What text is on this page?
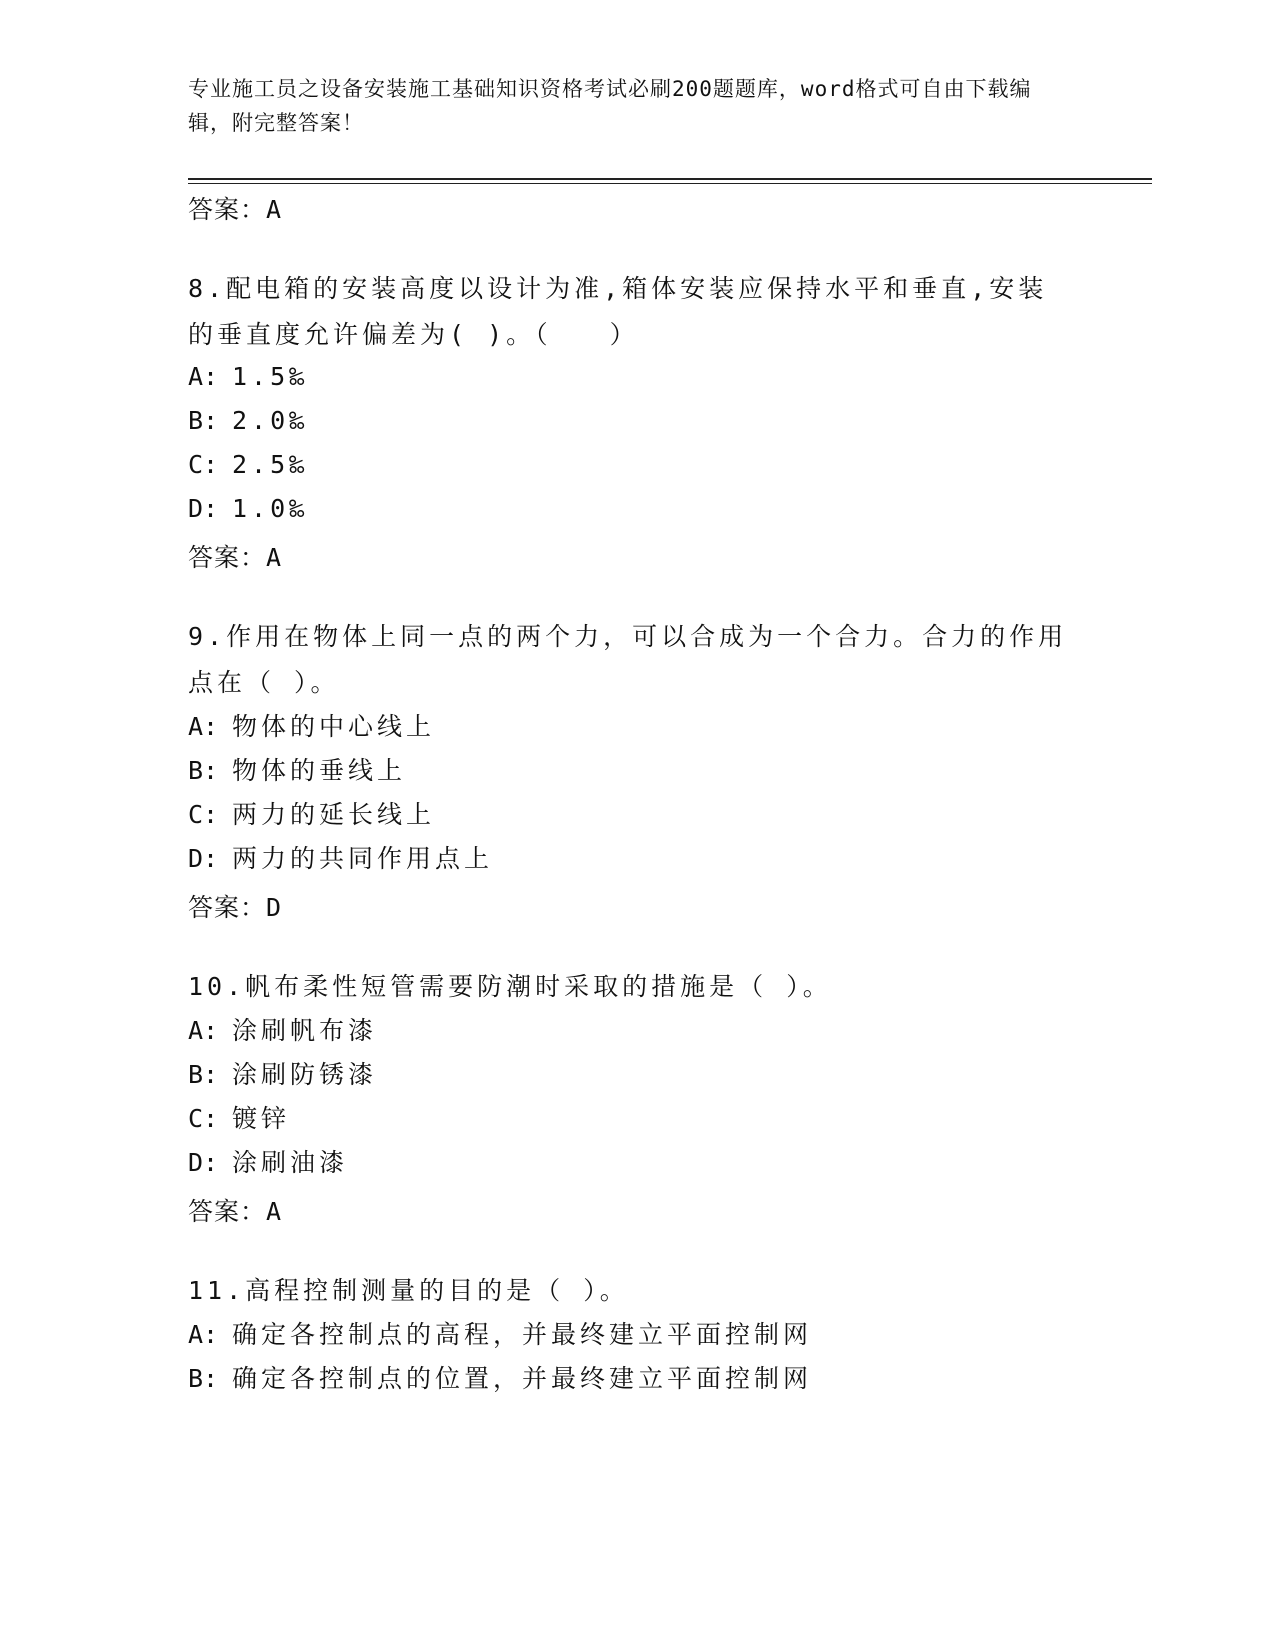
专业施工员之设备安装施工基础知识资格考试必刷200题题库，word格式可自由下载编辑，附完整答案！
答案：A
8.配电箱的安装高度以设计为准,箱体安装应保持水平和垂直,安装的垂直度允许偏差为( )。（　　）
A: 1.5‰
B: 2.0‰
C: 2.5‰
D: 1.0‰
答案：A
9.作用在物体上同一点的两个力，可以合成为一个合力。合力的作用点在（ ）。
A: 物体的中心线上
B: 物体的垂线上
C: 两力的延长线上
D: 两力的共同作用点上
答案：D
10.帆布柔性短管需要防潮时采取的措施是（ ）。
A: 涂刷帆布漆
B: 涂刷防锈漆
C: 镀锌
D: 涂刷油漆
答案：A
11.高程控制测量的目的是（ ）。
A: 确定各控制点的高程，并最终建立平面控制网
B: 确定各控制点的位置，并最终建立平面控制网
